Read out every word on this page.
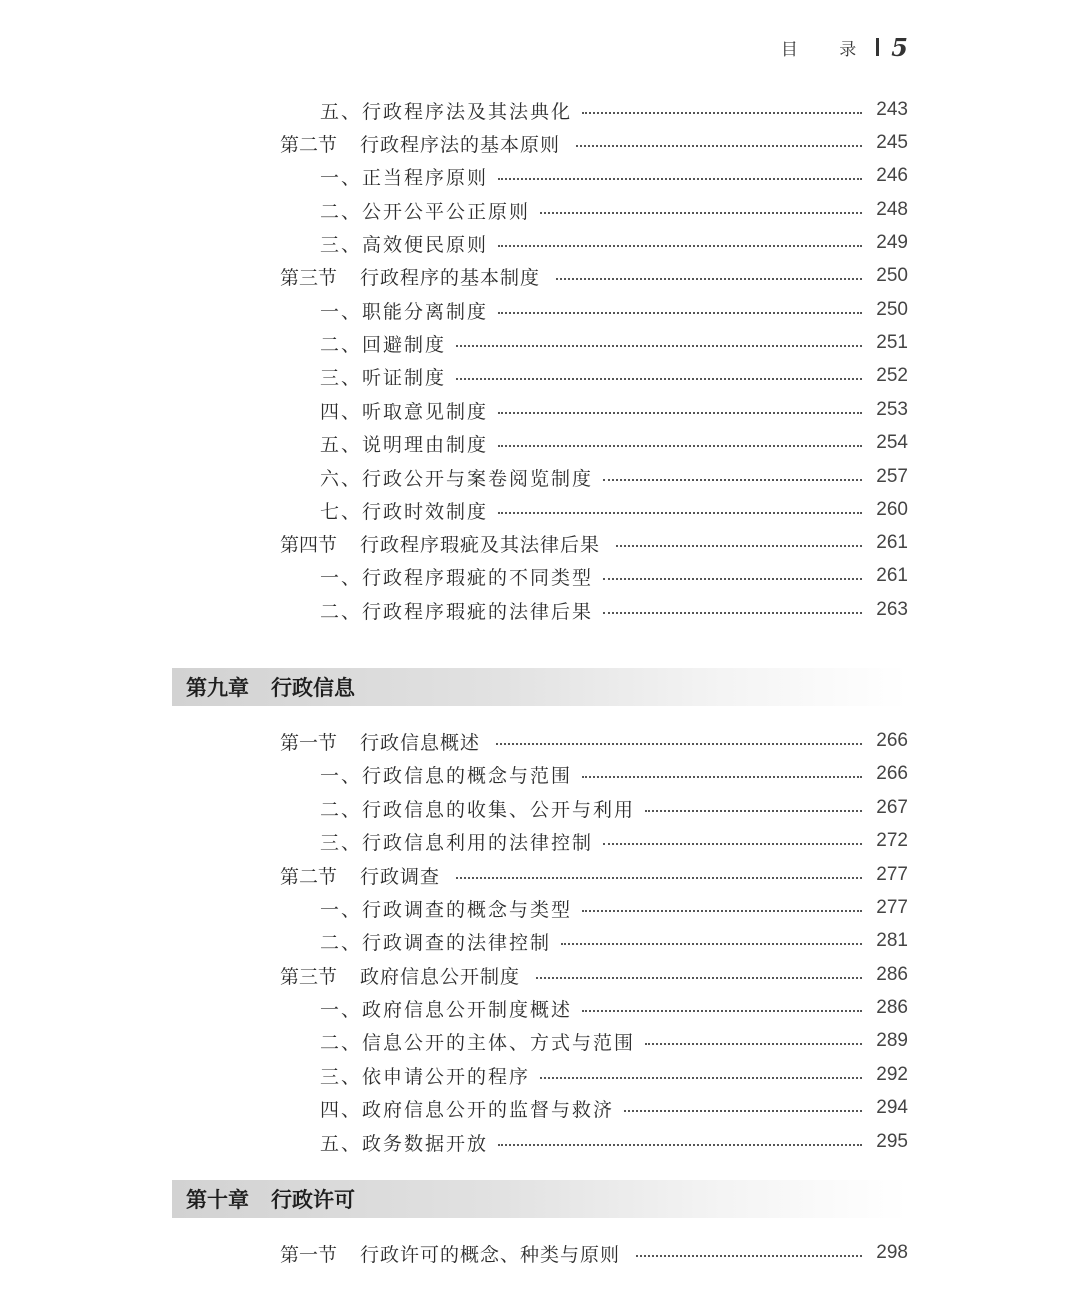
目 录 5
五、行政程序法及其法典化	243
第二节	行政程序法的基本原则	245
一、正当程序原则	246
二、公开公平公正原则	248
三、高效便民原则	249
第三节	行政程序的基本制度	250
一、职能分离制度	250
二、回避制度	251
三、听证制度	252
四、听取意见制度	253
五、说明理由制度	254
六、行政公开与案卷阅览制度	257
七、行政时效制度	260
第四节	行政程序瑕疵及其法律后果	261
一、行政程序瑕疵的不同类型	261
二、行政程序瑕疵的法律后果	263
第九章 行政信息
第一节	行政信息概述	266
一、行政信息的概念与范围	266
二、行政信息的收集、公开与利用	267
三、行政信息利用的法律控制	272
第二节	行政调查	277
一、行政调查的概念与类型	277
二、行政调查的法律控制	281
第三节	政府信息公开制度	286
一、政府信息公开制度概述	286
二、信息公开的主体、方式与范围	289
三、依申请公开的程序	292
四、政府信息公开的监督与救济	294
五、政务数据开放	295
第十章 行政许可
第一节	行政许可的概念、种类与原则	298
